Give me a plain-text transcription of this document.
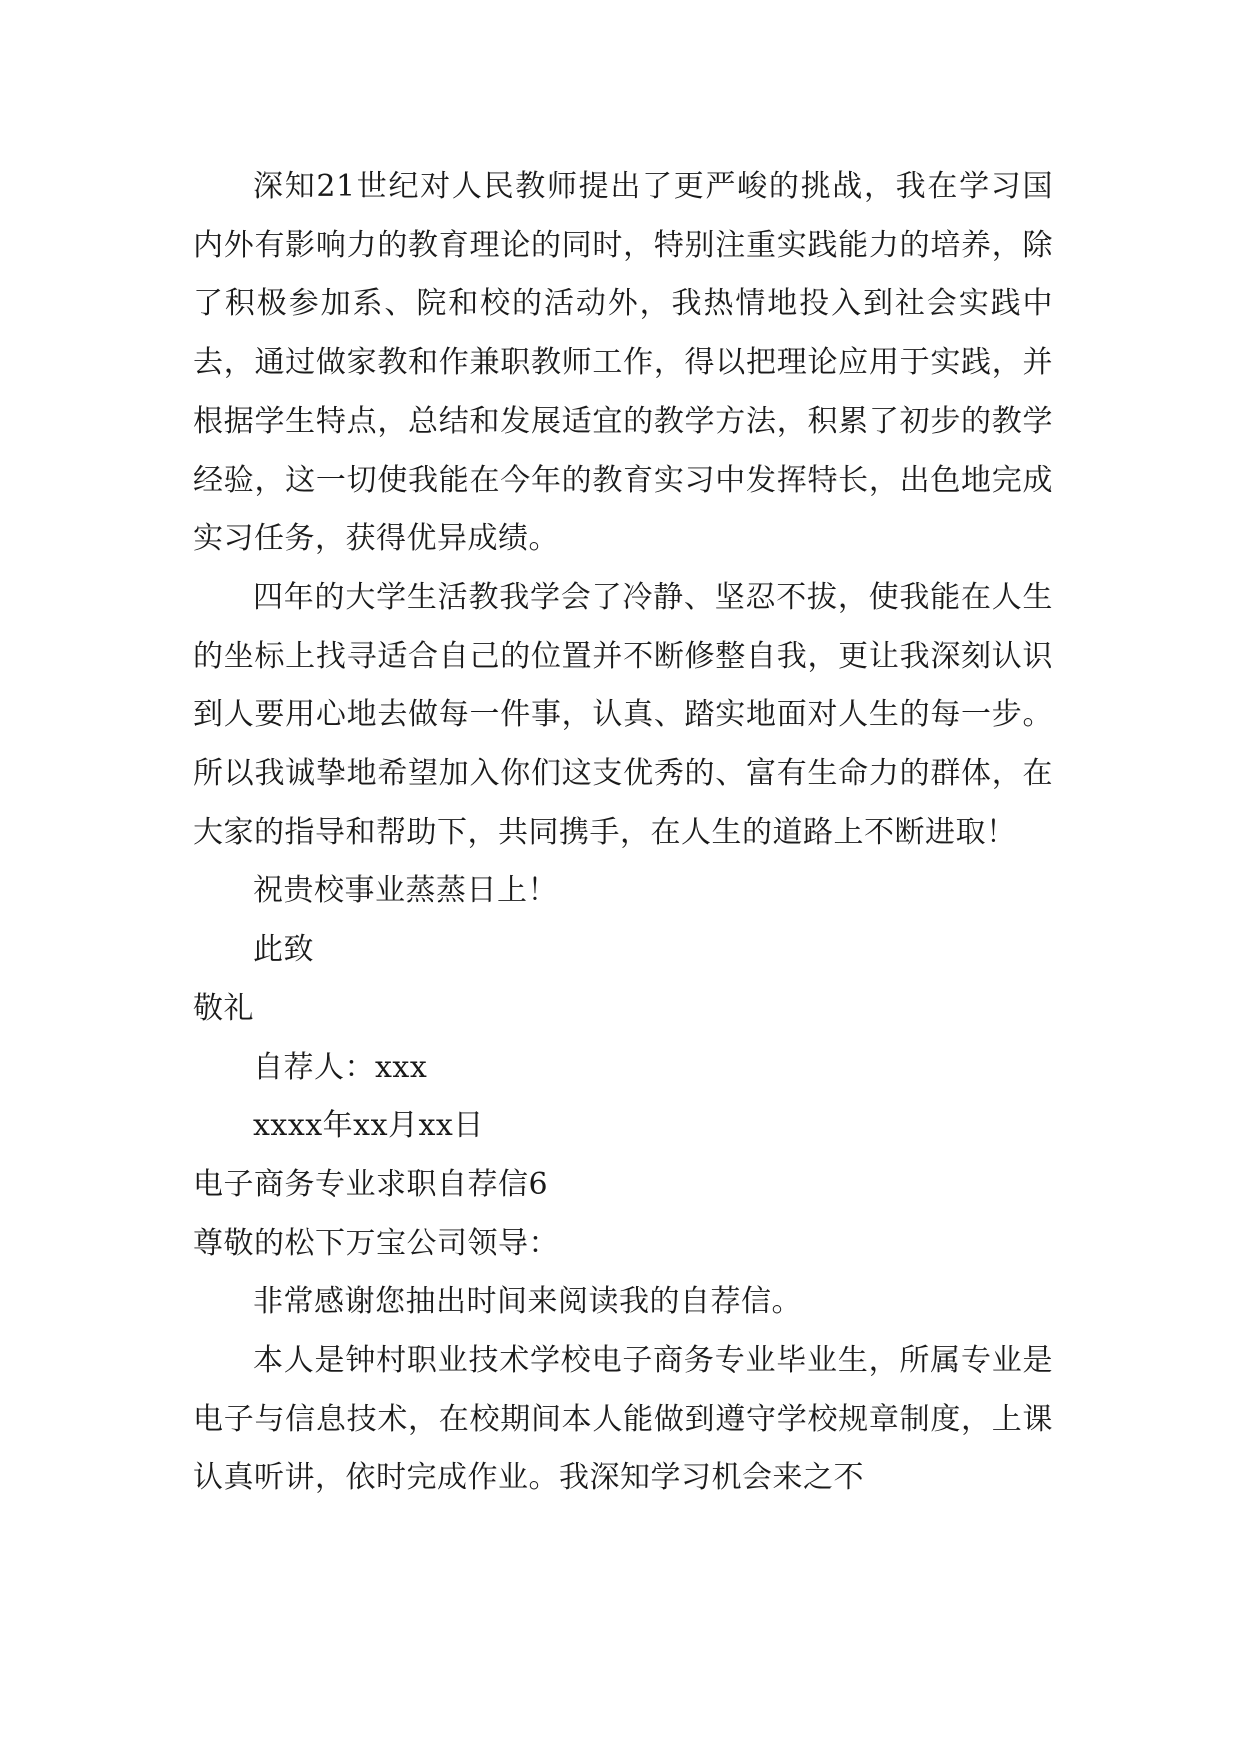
深知21世纪对人民教师提出了更严峻的挑战，我在学习国内外有影响力的教育理论的同时，特别注重实践能力的培养，除了积极参加系、院和校的活动外，我热情地投入到社会实践中去，通过做家教和作兼职教师工作，得以把理论应用于实践，并根据学生特点，总结和发展适宜的教学方法，积累了初步的教学经验，这一切使我能在今年的教育实习中发挥特长，出色地完成实习任务，获得优异成绩。

四年的大学生活教我学会了冷静、坚忍不拔，使我能在人生的坐标上找寻适合自己的位置并不断修整自我，更让我深刻认识到人要用心地去做每一件事，认真、踏实地面对人生的每一步。所以我诚挚地希望加入你们这支优秀的、富有生命力的群体，在大家的指导和帮助下，共同携手，在人生的道路上不断进取！

祝贵校事业蒸蒸日上！

此致

敬礼

自荐人：xxx

xxxx年xx月xx日

电子商务专业求职自荐信6

尊敬的松下万宝公司领导：

非常感谢您抽出时间来阅读我的自荐信。

本人是钟村职业技术学校电子商务专业毕业生，所属专业是电子与信息技术，在校期间本人能做到遵守学校规章制度，上课认真听讲，依时完成作业。我深知学习机会来之不
